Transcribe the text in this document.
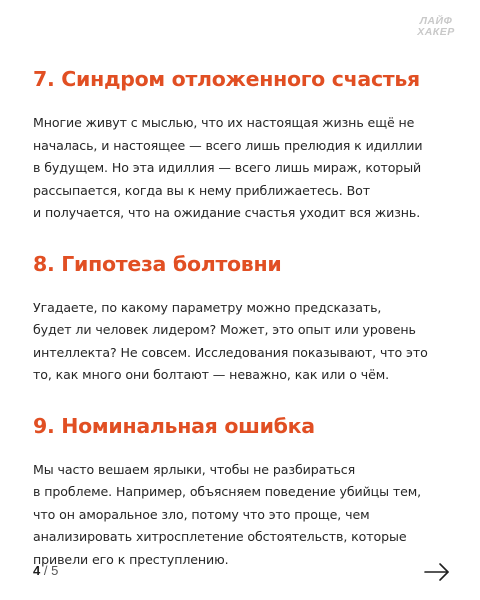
ЛАЙФ
ХАКЕР
7. Синдром отложенного счастья

Многие живут с мыслью, что их настоящая жизнь ещё не
началась, и настоящее — всего лишь прелюдия к идиллии
в будущем. Но эта идиллия — всего лишь мираж, который
рассыпается, когда вы к нему приближаетесь. Вот
и получается, что на ожидание счастья уходит вся жизнь.

8. Гипотеза болтовни

Угадаете, по какому параметру можно предсказать,
будет ли человек лидером? Может, это опыт или уровень
интеллекта? Не совсем. Исследования показывают, что это
то, как много они болтают — неважно, как или о чём.

9. Номинальная ошибка

Мы часто вешаем ярлыки, чтобы не разбираться
в проблеме. Например, объясняем поведение убийцы тем,
что он аморальное зло, потому что это проще, чем
анализировать хитросплетение обстоятельств, которые
привели его к преступлению.

4 / 5
